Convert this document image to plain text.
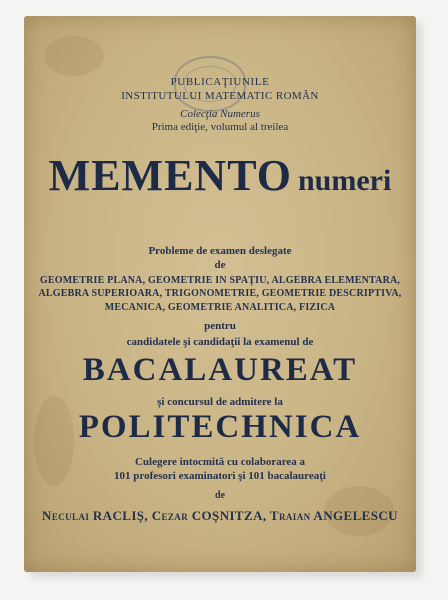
PUBLICAŢIUNILE
INSTITUTULUI MATEMATIC ROMÂN
Colecţia Numerus
Prima ediţie, volumul al treilea
MEMENTO numeri
Probleme de examen deslegate
de
GEOMETRIE PLANA, GEOMETRIE IN SPAŢIU, ALGEBRA ELEMENTARA,
ALGEBRA SUPERIOARA, TRIGONOMETRIE, GEOMETRIE DESCRIPTIVA,
MECANICA, GEOMETRIE ANALITICA, FIZICA
pentru
candidatele şi candidaţii la examenul de
BACALAUREAT
şi concursul de admitere la
POLITECHNICA
Culegere intocmită cu colaborarea a
101 profesori examinatori şi 101 bacalaureaţi
de
Neculai RACLIŞ, Cezar COŞNITZA, Traian ANGELESCU
